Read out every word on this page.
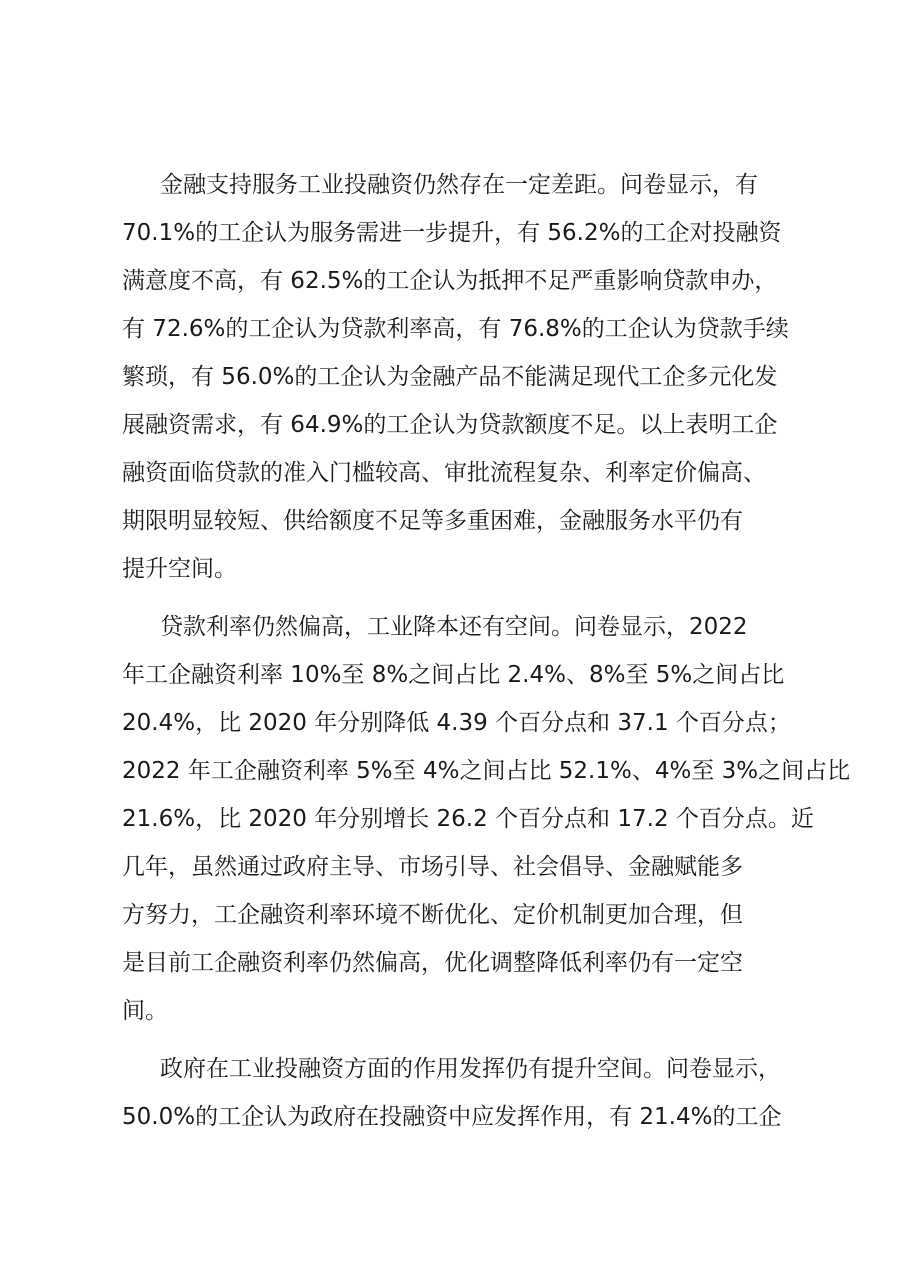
金融支持服务工业投融资仍然存在一定差距。问卷显示，有
70.1%的工企认为服务需进一步提升，有 56.2%的工企对投融资
满意度不高，有 62.5%的工企认为抵押不足严重影响贷款申办，
有 72.6%的工企认为贷款利率高，有 76.8%的工企认为贷款手续
繁琐，有 56.0%的工企认为金融产品不能满足现代工企多元化发
展融资需求，有 64.9%的工企认为贷款额度不足。以上表明工企
融资面临贷款的准入门槛较高、审批流程复杂、利率定价偏高、
期限明显较短、供给额度不足等多重困难，金融服务水平仍有
提升空间。
贷款利率仍然偏高，工业降本还有空间。问卷显示，2022
年工企融资利率 10%至 8%之间占比 2.4%、8%至 5%之间占比
20.4%，比 2020 年分别降低 4.39 个百分点和 37.1 个百分点；
2022 年工企融资利率 5%至 4%之间占比 52.1%、4%至 3%之间占比
21.6%，比 2020 年分别增长 26.2 个百分点和 17.2 个百分点。近
几年，虽然通过政府主导、市场引导、社会倡导、金融赋能多
方努力，工企融资利率环境不断优化、定价机制更加合理，但
是目前工企融资利率仍然偏高，优化调整降低利率仍有一定空
间。
政府在工业投融资方面的作用发挥仍有提升空间。问卷显示，
50.0%的工企认为政府在投融资中应发挥作用，有 21.4%的工企
